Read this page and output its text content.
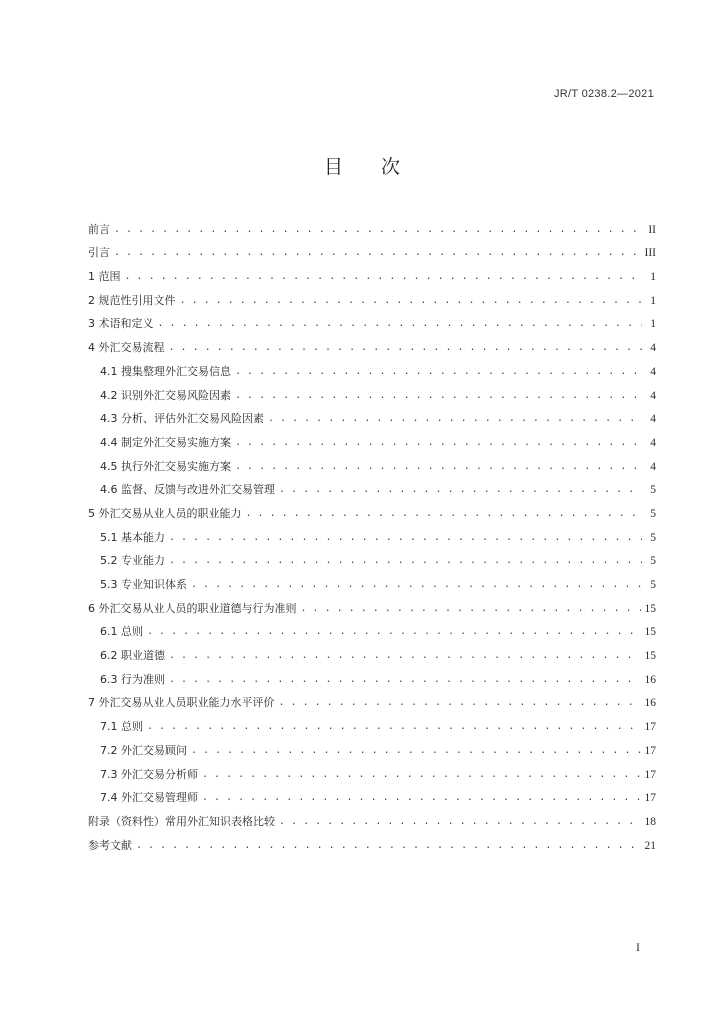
JR/T 0238.2—2021
目　　次
前言 . . .	II
引言 . . .	III
1 范围 . . .	1
2 规范性引用文件 . . .	1
3 术语和定义 . . .	1
4 外汇交易流程 . . .	4
4.1 搜集整理外汇交易信息 . . .	4
4.2 识别外汇交易风险因素 . . .	4
4.3 分析、评估外汇交易风险因素 . . .	4
4.4 制定外汇交易实施方案 . . .	4
4.5 执行外汇交易实施方案 . . .	4
4.6 监督、反馈与改进外汇交易管理 . . .	5
5 外汇交易从业人员的职业能力 . . .	5
5.1 基本能力 . . .	5
5.2 专业能力 . . .	5
5.3 专业知识体系 . . .	5
6 外汇交易从业人员的职业道德与行为准则 . . .	15
6.1 总则 . . .	15
6.2 职业道德 . . .	15
6.3 行为准则 . . .	16
7 外汇交易从业人员职业能力水平评价 . . .	16
7.1 总则 . . .	17
7.2 外汇交易顾问 . . .	17
7.3 外汇交易分析师 . . .	17
7.4 外汇交易管理师 . . .	17
附录（资料性）常用外汇知识表格比较 . . .	18
参考文献 . . .	21
I
